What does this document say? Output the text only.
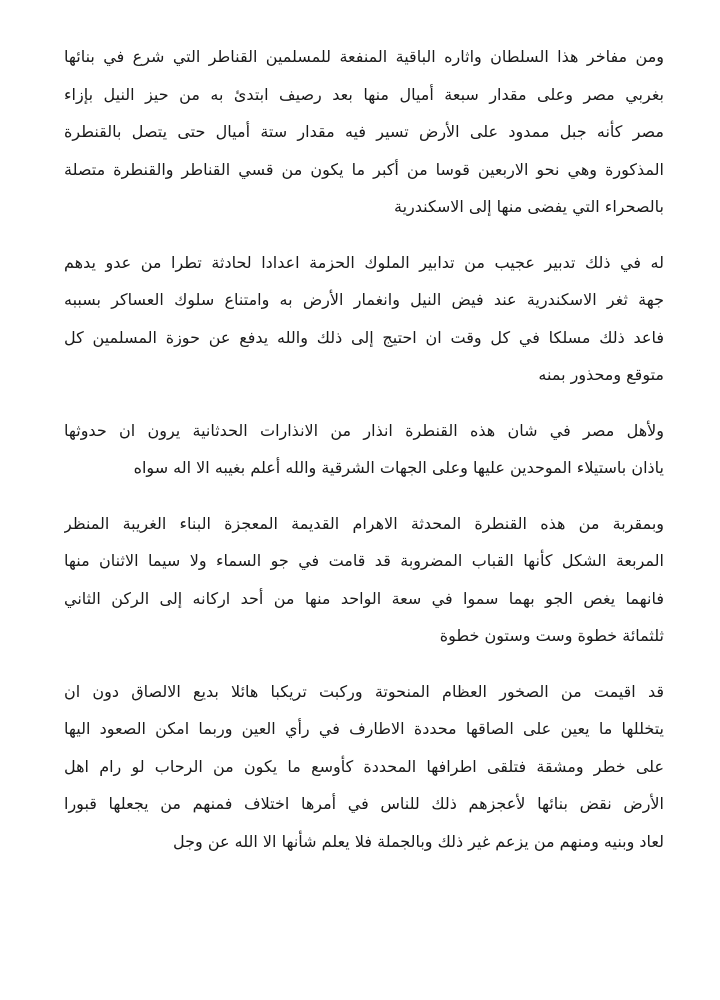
ومن مفاخر هذا السلطان واثاره الباقية المنفعة للمسلمين القناطر التي شرع في بنائها
بغربي مصر وعلى مقدار سبعة أميال منها بعد رصيف ابتدئ به من حيز النيل بإزاء
مصر كأنه جبل ممدود على الأرض تسير فيه مقدار ستة أميال حتى يتصل بالقنطرة
المذكورة وهي نحو الاربعين قوسا من أكبر ما يكون من قسي القناطر والقنطرة متصلة
بالصحراء التي يفضى منها إلى الاسكندرية
له في ذلك تدبير عجيب من تدابير الملوك الحزمة اعدادا لحادثة تطرا من عدو يدهم
جهة ثغر الاسكندرية عند فيض النيل وانغمار الأرض به وامتناع سلوك العساكر بسببه
فاعد ذلك مسلكا في كل وقت ان احتيج إلى ذلك والله يدفع عن حوزة المسلمين كل
متوقع ومحذور بمنه
ولأهل مصر في شان هذه القنطرة انذار من الانذارات الحدثانية يرون ان حدوثها
ياذان باستيلاء الموحدين عليها وعلى الجهات الشرقية والله أعلم بغيبه الا اله سواه
وبمقربة من هذه القنطرة المحدثة الاهرام القديمة المعجزة البناء الغريبة المنظر
المربعة الشكل كأنها القباب المضروبة قد قامت في جو السماء ولا سيما الاثنان منها
فانهما يغص الجو بهما سموا في سعة الواحد منها من أحد اركانه إلى الركن الثاني
ثلثمائة خطوة وست وستون خطوة
قد اقيمت من الصخور العظام المنحوتة وركبت تريكبا هائلا بديع الالصاق دون ان
يتخللها ما يعين على الصاقها محددة الاطارف في رأي العين وربما امكن الصعود اليها
على خطر ومشقة فتلقى اطرافها المحددة كأوسع ما يكون من الرحاب لو رام اهل
الأرض نقض بنائها لأعجزهم ذلك للناس في أمرها اختلاف فمنهم من يجعلها قبورا
لعاد وبنيه ومنهم من يزعم غير ذلك وبالجملة فلا يعلم شأنها الا الله عن وجل
